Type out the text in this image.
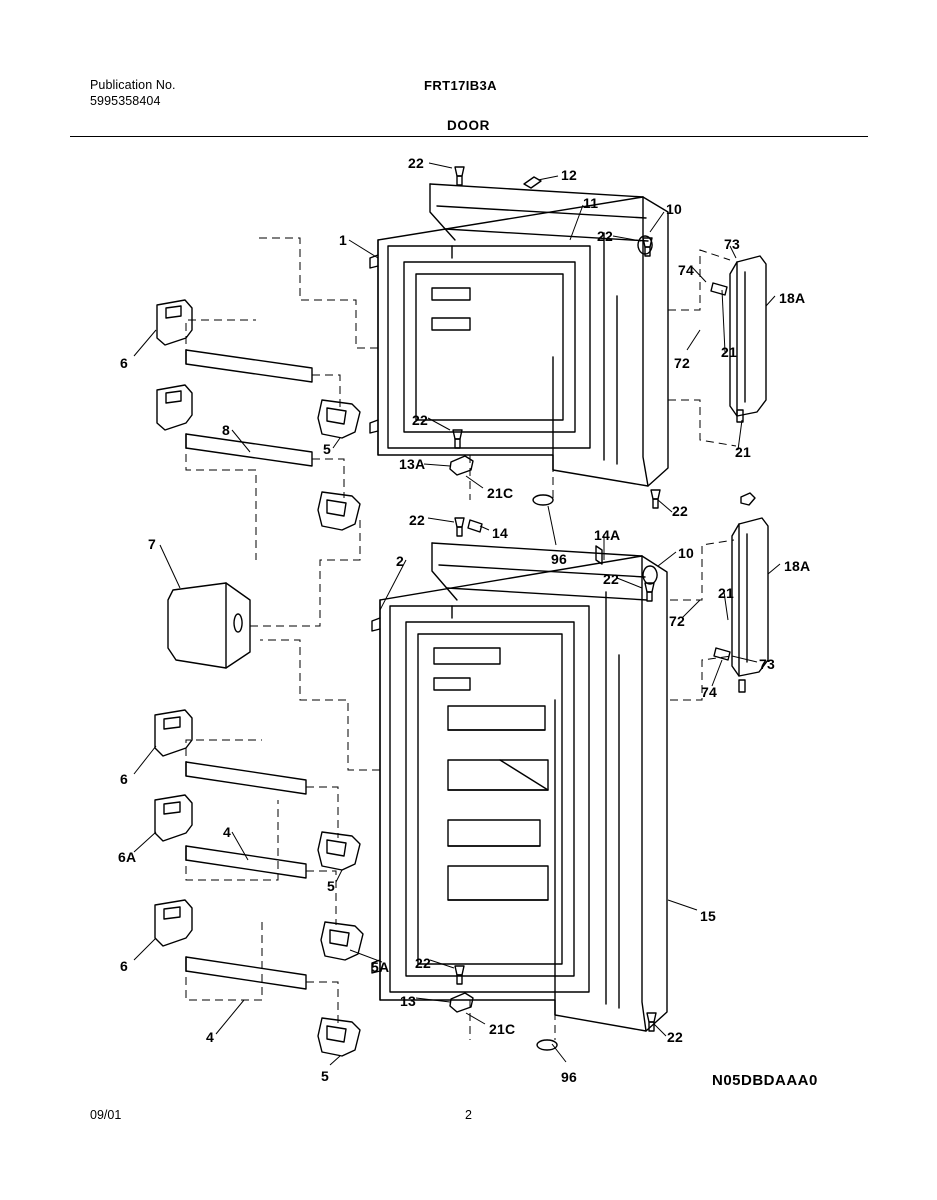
Publication No.
5995358404
FRT17IB3A
DOOR
22
12
11	10
22	73
1
74
18A
72
21
6
8
22
5	21
13A
21C
22
96
14A
22
14
7
2	10
22
18A
21
72
73
74
6
4
6A
5
15
6	5A 22
13
21C
4	22
5	96
09/01	2
N05DBDAAA0
